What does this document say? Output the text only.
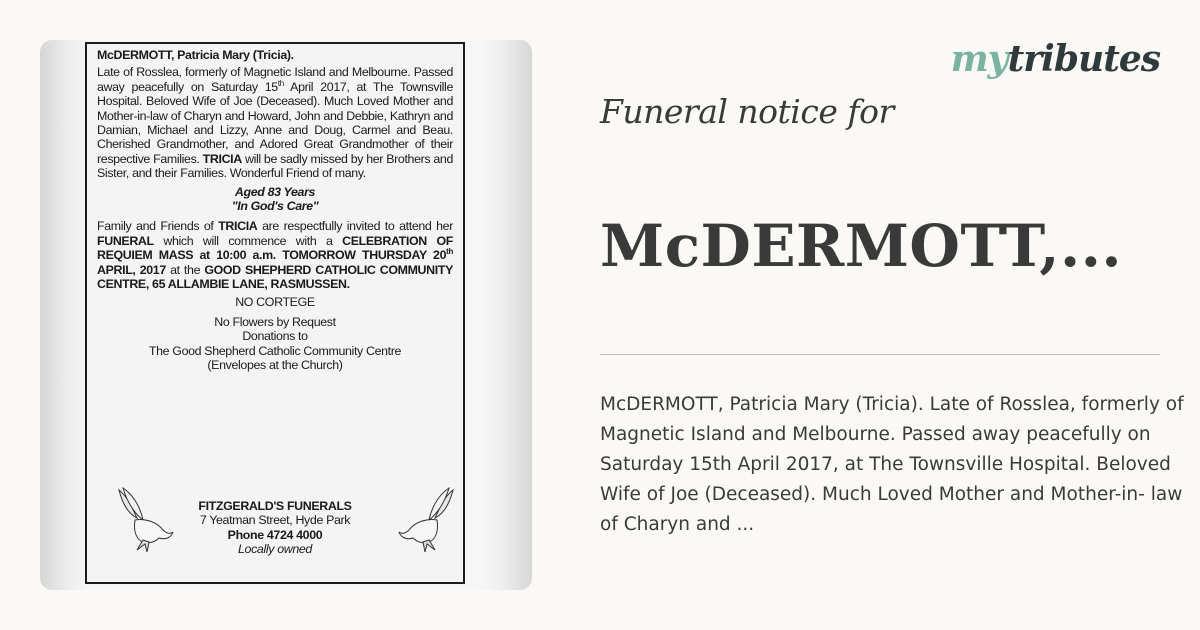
McDERMOTT, Patricia Mary (Tricia).

Late of Rosslea, formerly of Magnetic Island and Melbourne. Passed away peacefully on Saturday 15th April 2017, at The Townsville Hospital. Beloved Wife of Joe (Deceased). Much Loved Mother and Mother-in-law of Charyn and Howard, John and Debbie, Kathryn and Damian, Michael and Lizzy, Anne and Doug, Carmel and Beau. Cherished Grandmother, and Adored Great Grandmother of their respective Families. TRICIA will be sadly missed by her Brothers and Sister, and their Families. Wonderful Friend of many.

Aged 83 Years
"In God's Care"
Family and Friends of TRICIA are respectfully invited to attend her FUNERAL which will commence with a CELEBRATION OF REQUIEM MASS at 10:00 a.m. TOMORROW THURSDAY 20th APRIL, 2017 at the GOOD SHEPHERD CATHOLIC COMMUNITY CENTRE, 65 ALLAMBIE LANE, RASMUSSEN.
NO CORTEGE
No Flowers by Request
Donations to
The Good Shepherd Catholic Community Centre
(Envelopes at the Church)
FITZGERALD'S FUNERALS
7 Yeatman Street, Hyde Park
Phone 4724 4000
Locally owned
mytributes
Funeral notice for
McDERMOTT,...
McDERMOTT, Patricia Mary (Tricia). Late of Rosslea, formerly of Magnetic Island and Melbourne. Passed away peacefully on Saturday 15th April 2017, at The Townsville Hospital. Beloved Wife of Joe (Deceased). Much Loved Mother and Mother-in- law of Charyn and ...
